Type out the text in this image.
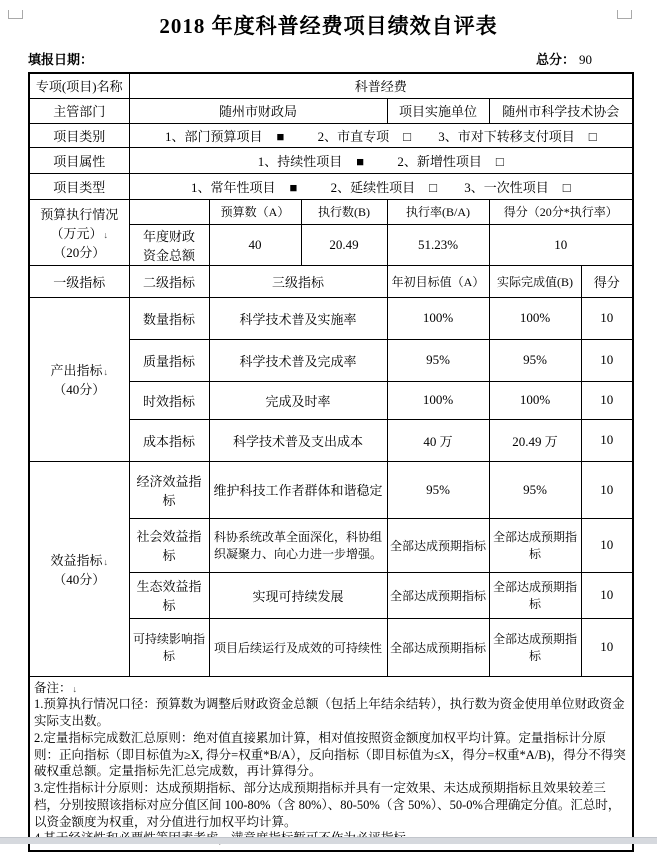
2018 年度科普经费项目绩效自评表
填报日期：	总分： 90
专项(项目)名称	科普经费					
主管部门	随州市财政局			项目实施单位	随州市科学技术协会	
项目类别	1、部门预算项目 ■ 2、市直专项 □ 3、市对下转移支付项目 □					
项目属性	1、持续性项目 ■ 2、新增性项目 □					
项目类型	1、常年性项目 ■ 2、延续性项目 □ 3、一次性项目 □					

预算执行情况
（万元）↓
（20分）		预算数（A）	执行数(B)	执行率(B/A)	得分（20分*执行率）	

	年度财政
资金总额	40	20.49	51.23%	10	
一级指标	二级指标	三级指标		年初目标值（A）	实际完成值(B)	得分

产出指标↓
（40分）	数量指标	科学技术普及实施率		100%	100%	10
	质量指标	科学技术普及完成率		95%	95%	10
	时效指标	完成及时率		100%	100%	10
	成本指标	科学技术普及支出成本		40 万	20.49 万	10

效益指标↓
（40分）	经济效益指标	维护科技工作者群体和谐稳定		95%	95%	10
	社会效益指标	科协系统改革全面深化，科协组织凝聚力、向心力进一步增强。		全部达成预期指标	全部达成预期指标	10
	生态效益指标	实现可持续发展		全部达成预期指标	全部达成预期指标	10
	可持续影响指标	项目后续运行及成效的可持续性		全部达成预期指标	全部达成预期指标	10

备注：↓
1.预算执行情况口径：预算数为调整后财政资金总额（包括上年结余结转），执行数为资金使用单位财政资金实际支出数。
2.定量指标完成数汇总原则：绝对值直接累加计算，相对值按照资金额度加权平均计算。定量指标计分原则：正向指标（即目标值为≥X, 得分=权重*B/A），反向指标（即目标值为≤X，得分=权重*A/B)，得分不得突破权重总额。定量指标先汇总完成数，再计算得分。
3.定性指标计分原则：达成预期指标、部分达成预期指标并具有一定效果、未达成预期指标且效果较差三档，分别按照该指标对应分值区间 100-80%（含 80%）、80-50%（含 50%）、50-0%合理确定分值。汇总时，以资金额度为权重，对分值进行加权平均计算。						
